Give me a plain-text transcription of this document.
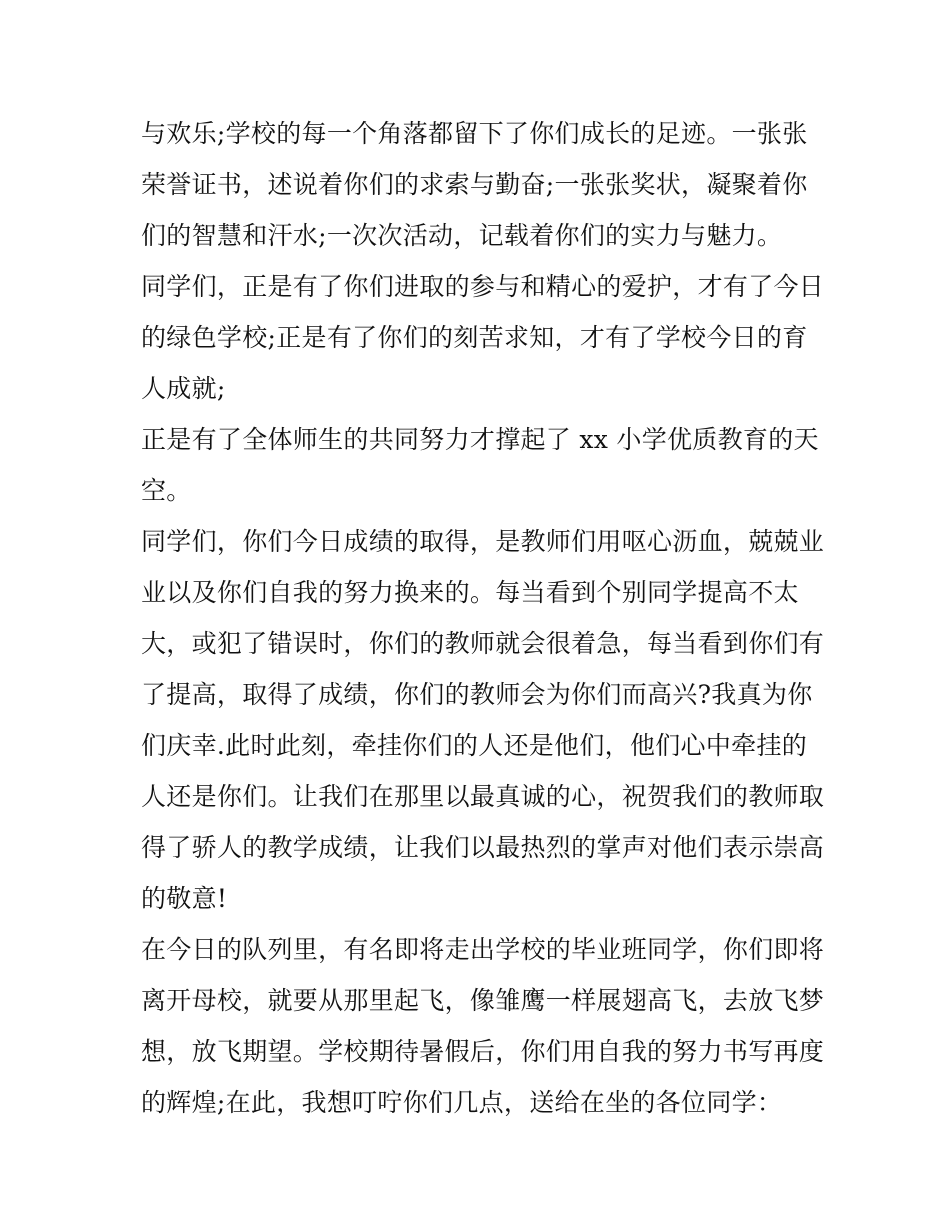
与欢乐;学校的每一个角落都留下了你们成长的足迹。一张张
荣誉证书，述说着你们的求索与勤奋;一张张奖状，凝聚着你
们的智慧和汗水;一次次活动，记载着你们的实力与魅力。
同学们，正是有了你们进取的参与和精心的爱护，才有了今日
的绿色学校;正是有了你们的刻苦求知，才有了学校今日的育
人成就;
正是有了全体师生的共同努力才撑起了 xx 小学优质教育的天
空。
同学们，你们今日成绩的取得，是教师们用呕心沥血，兢兢业
业以及你们自我的努力换来的。每当看到个别同学提高不太
大，或犯了错误时，你们的教师就会很着急，每当看到你们有
了提高，取得了成绩，你们的教师会为你们而高兴?我真为你
们庆幸.此时此刻，牵挂你们的人还是他们，他们心中牵挂的
人还是你们。让我们在那里以最真诚的心，祝贺我们的教师取
得了骄人的教学成绩，让我们以最热烈的掌声对他们表示崇高
的敬意!
在今日的队列里，有名即将走出学校的毕业班同学，你们即将
离开母校，就要从那里起飞，像雏鹰一样展翅高飞，去放飞梦
想，放飞期望。学校期待暑假后，你们用自我的努力书写再度
的辉煌;在此，我想叮咛你们几点，送给在坐的各位同学：
